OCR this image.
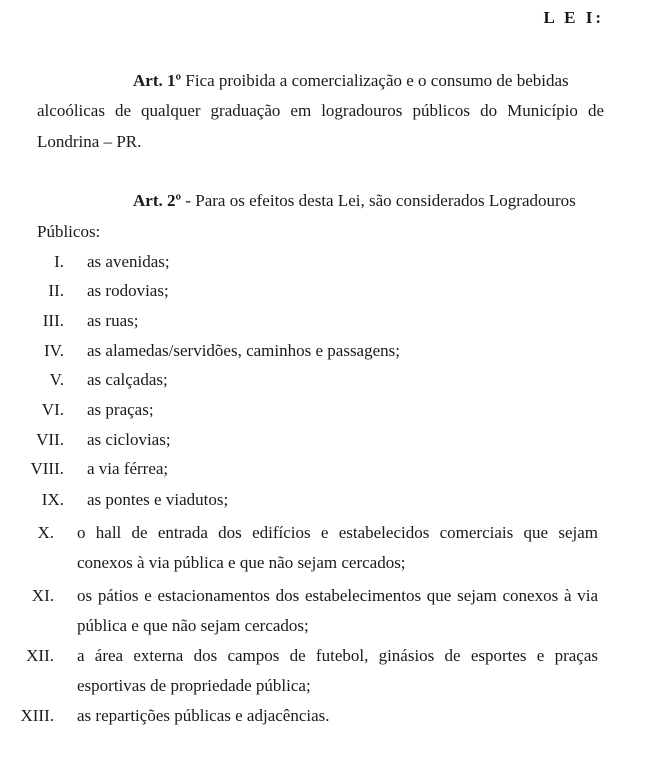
L E I:
Art. 1º Fica proibida a comercialização e o consumo de bebidas
alcoólicas de qualquer graduação em logradouros públicos do Município de
Londrina – PR.
Art. 2º - Para os efeitos desta Lei, são considerados Logradouros
Públicos:
I. as avenidas;
II. as rodovias;
III. as ruas;
IV. as alamedas/servidões, caminhos e passagens;
V. as calçadas;
VI. as praças;
VII. as ciclovias;
VIII. a via férrea;
IX. as pontes e viadutos;
X. o hall de entrada dos edifícios e estabelecidos comerciais que sejam
conexos à via pública e que não sejam cercados;
XI. os pátios e estacionamentos dos estabelecimentos que sejam conexos à via
pública e que não sejam cercados;
XII. a área externa dos campos de futebol, ginásios de esportes e praças
esportivas de propriedade pública;
XIII. as repartições públicas e adjacências.
